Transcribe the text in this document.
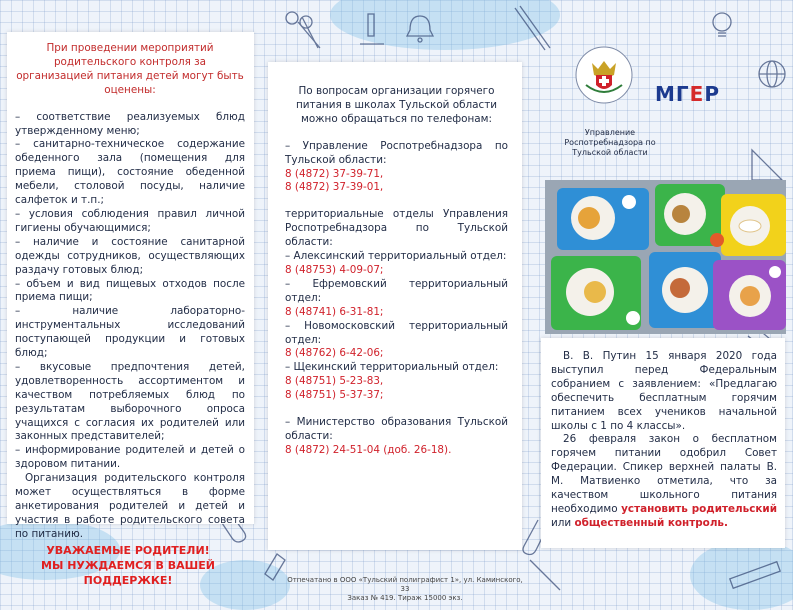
При проведении мероприятий родительского контроля за организацией питания детей могут быть оценены:
– соответствие реализуемых блюд утвержденному меню;
– санитарно-техническое содержание обеденного зала (помещения для приема пищи), состояние обеденной мебели, столовой посуды, наличие салфеток и т.п.;
– условия соблюдения правил личной гигиены обучающимися;
– наличие и состояние санитарной одежды сотрудников, осуществляющих раздачу готовых блюд;
– объем и вид пищевых отходов после приема пищи;
– наличие лабораторно-инструментальных исследований поступающей продукции и готовых блюд;
– вкусовые предпочтения детей, удовлетворенность ассортиментом и качеством потребляемых блюд по результатам выборочного опроса учащихся с согласия их родителей или законных представителей;
– информирование родителей и детей о здоровом питании.
Организация родительского контроля может осуществляться в форме анкетирования родителей и детей и участия в работе родительского совета по питанию.
УВАЖАЕМЫЕ РОДИТЕЛИ!
МЫ НУЖДАЕМСЯ В ВАШЕЙ ПОДДЕРЖКЕ!
По вопросам организации горячего питания в школах Тульской области можно обращаться по телефонам:
– Управление Роспотребнадзора по Тульской области:
8 (4872) 37-39-71,
8 (4872) 37-39-01,
территориальные отделы Управления Роспотребнадзора по Тульской области:
– Алексинский территориальный отдел:
8 (48753) 4-09-07;
– Ефремовский территориальный отдел:
8 (48741) 6-31-81;
– Новомосковский территориальный отдел:
8 (48762) 6-42-06;
– Щекинский территориальный отдел:
8 (48751) 5-23-83,
8 (48751) 5-37-37;
– Министерство образования Тульской области:
8 (4872) 24-51-04 (доб. 26-18).
Отпечатано в ООО «Тульский полиграфист 1», ул. Каминского, 33
Заказ № 419. Тираж 15000 экз.
МГЕР
Управление Роспотребнадзора по Тульской области
В. В. Путин 15 января 2020 года выступил перед Федеральным собранием с заявлением: «Предлагаю обеспечить бесплатным горячим питанием всех учеников начальной школы с 1 по 4 классы».
26 февраля закон о бесплатном горячем питании одобрил Совет Федерации. Спикер верхней палаты В. М. Матвиенко отметила, что за качеством школьного питания необходимо установить родительский или общественный контроль.
